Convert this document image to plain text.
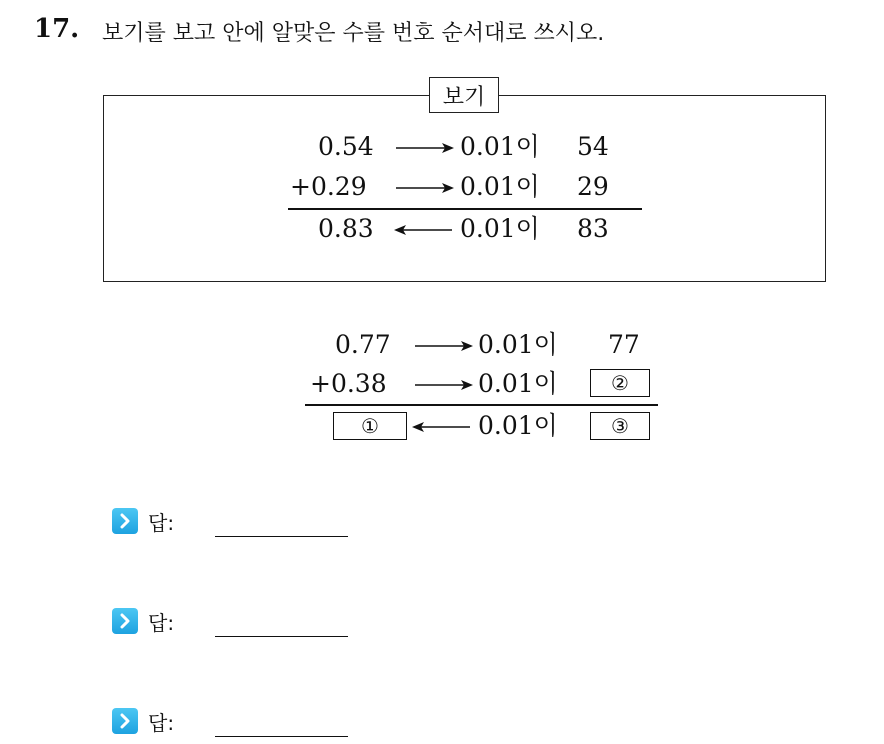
17. 보기를 보고 안에 알맞은 수를 번호 순서대로 쓰시오.
보기
0.54	0.01이 54
+0.29	0.01이 29
0.83	0.01이 83
0.77	0.01이 77
+0.38	0.01이	②
①	0.01이	③
답:
답:
답:
